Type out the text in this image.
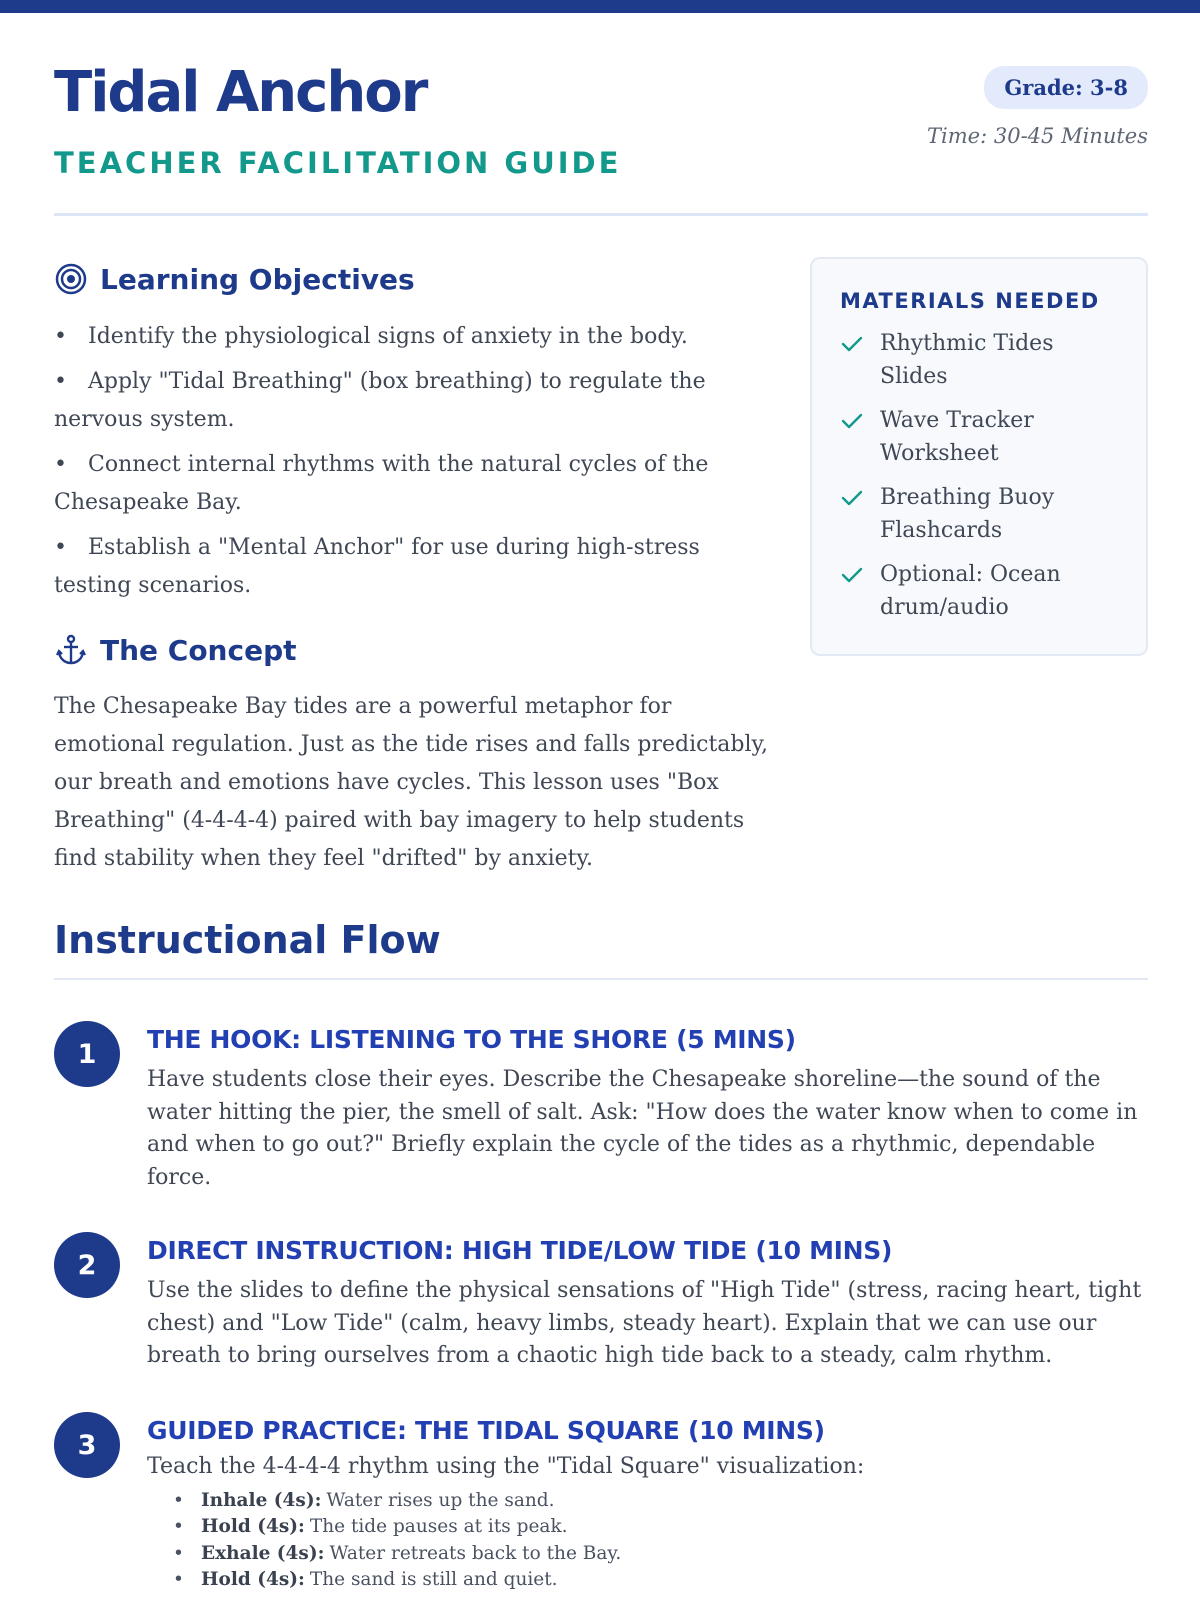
Tidal Anchor
TEACHER FACILITATION GUIDE
Grade: 3-8
Time: 30-45 Minutes
Learning Objectives
• Identify the physiological signs of anxiety in the body.
• Apply "Tidal Breathing" (box breathing) to regulate the nervous system.
• Connect internal rhythms with the natural cycles of the Chesapeake Bay.
• Establish a "Mental Anchor" for use during high-stress testing scenarios.
The Concept

The Chesapeake Bay tides are a powerful metaphor for emotional regulation. Just as the tide rises and falls predictably, our breath and emotions have cycles. This lesson uses "Box Breathing" (4-4-4-4) paired with bay imagery to help students find stability when they feel "drifted" by anxiety.

MATERIALS NEEDED
Rhythmic Tides Slides
Wave Tracker Worksheet
Breathing Buoy Flashcards
Optional: Ocean drum/audio
Instructional Flow
1	THE HOOK: LISTENING TO THE SHORE (5 MINS)

Have students close their eyes. Describe the Chesapeake shoreline—the sound of the water hitting the pier, the smell of salt. Ask: "How does the water know when to come in and when to go out?" Briefly explain the cycle of the tides as a rhythmic, dependable force.

2	DIRECT INSTRUCTION: HIGH TIDE/LOW TIDE (10 MINS)

Use the slides to define the physical sensations of "High Tide" (stress, racing heart, tight chest) and "Low Tide" (calm, heavy limbs, steady heart). Explain that we can use our breath to bring ourselves from a chaotic high tide back to a steady, calm rhythm.

3	GUIDED PRACTICE: THE TIDAL SQUARE (10 MINS)

Teach the 4-4-4-4 rhythm using the "Tidal Square" visualization:

• Inhale (4s): Water rises up the sand.
• Hold (4s): The tide pauses at its peak.
• Exhale (4s): Water retreats back to the Bay.
• Hold (4s): The sand is still and quiet.
